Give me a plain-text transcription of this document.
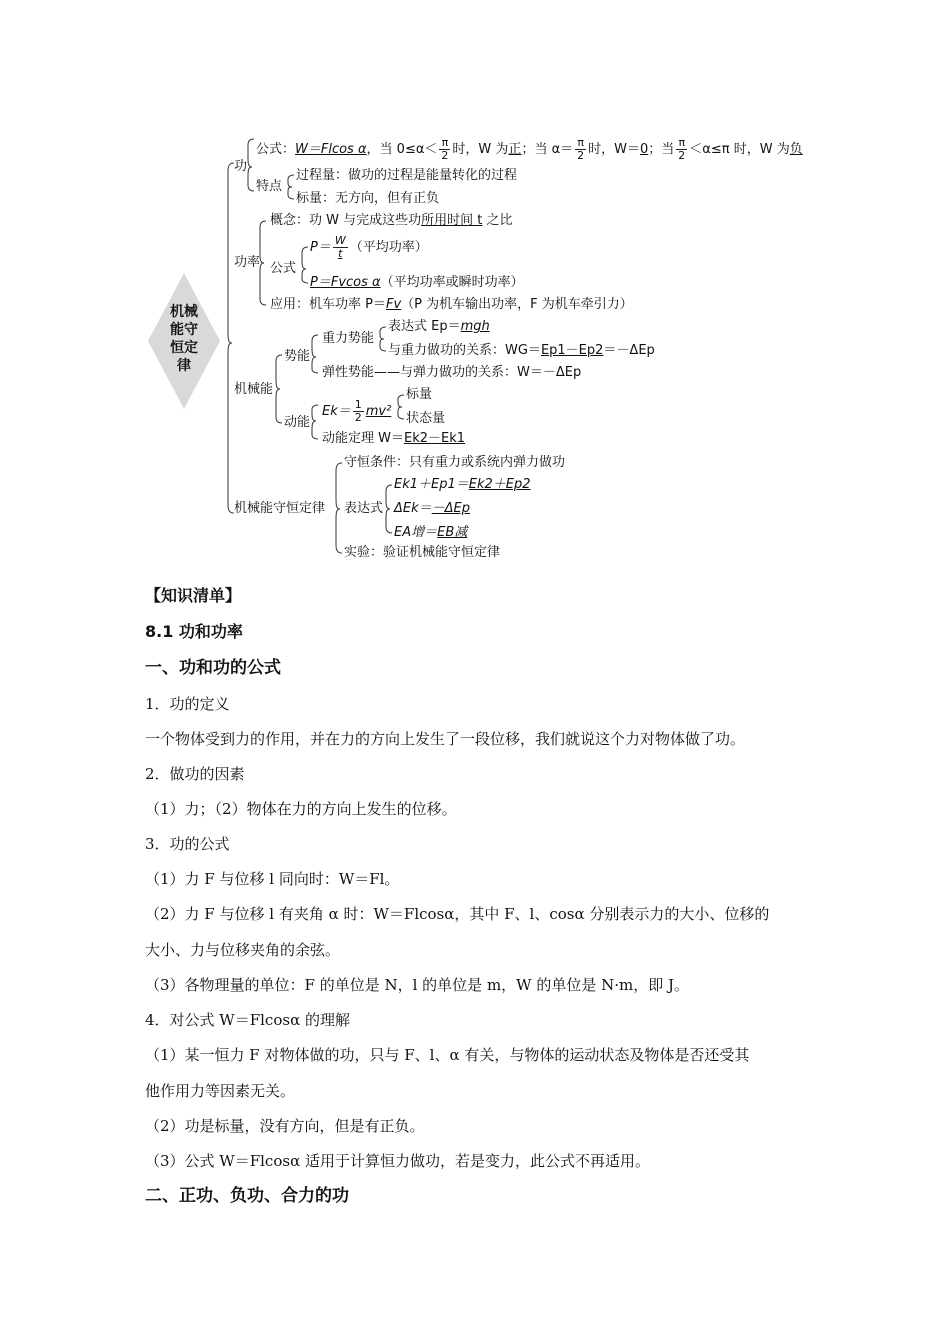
机械
能守
恒定
律
功
公式：W＝Flcos α，当 $0\le\alpha< \frac{\pi}{2}$ 时，W 为正；当 $\alpha= \frac{\pi}{2}$ 时，W＝0；当 $\frac{\pi}{2} <\alpha\le\pi$ 时，W 为负
特点
过程量：做功的过程是能量转化的过程
标量：无方向，但有正负
功率
概念：功 W 与完成这些功所用时间 t 之比
公式
$P= \frac{W}{t}$ （平均功率）
P＝Fvcos α（平均功率或瞬时功率）
应用：机车功率 P＝Fv（P 为机车输出功率，F 为机车牵引力）
机械能
势能
重力势能
表达式 Ep＝mgh
与重力做功的关系：WG＝Ep1－Ep2＝－ΔEp
弹性势能——与弹力做功的关系：W＝－ΔEp
动能
$Ek= \frac{1}{2} mv^2$
标量
状态量
动能定理 W＝Ek2－Ek1
机械能守恒定律
守恒条件：只有重力或系统内弹力做功
表达式
Ek1＋Ep1＝Ek2＋Ep2
ΔEk＝－ΔEp
EA增＝EB减
实验：验证机械能守恒定律
【知识清单】
8.1 功和功率
一、功和功的公式
1．功的定义
一个物体受到力的作用，并在力的方向上发生了一段位移，我们就说这个力对物体做了功。
2．做功的因素
（1）力；（2）物体在力的方向上发生的位移。
3．功的公式
（1）力 F 与位移 l 同向时：W＝Fl。
（2）力 F 与位移 l 有夹角 α 时：W＝Flcosα，其中 F、l、cosα 分别表示力的大小、位移的
大小、力与位移夹角的余弦。
（3）各物理量的单位：F 的单位是 N，l 的单位是 m，W 的单位是 N·m，即 J。
4．对公式 W＝Flcosα 的理解
（1）某一恒力 F 对物体做的功，只与 F、l、α 有关，与物体的运动状态及物体是否还受其
他作用力等因素无关。
（2）功是标量，没有方向，但是有正负。
（3）公式 W＝Flcosα 适用于计算恒力做功，若是变力，此公式不再适用。
二、正功、负功、合力的功
